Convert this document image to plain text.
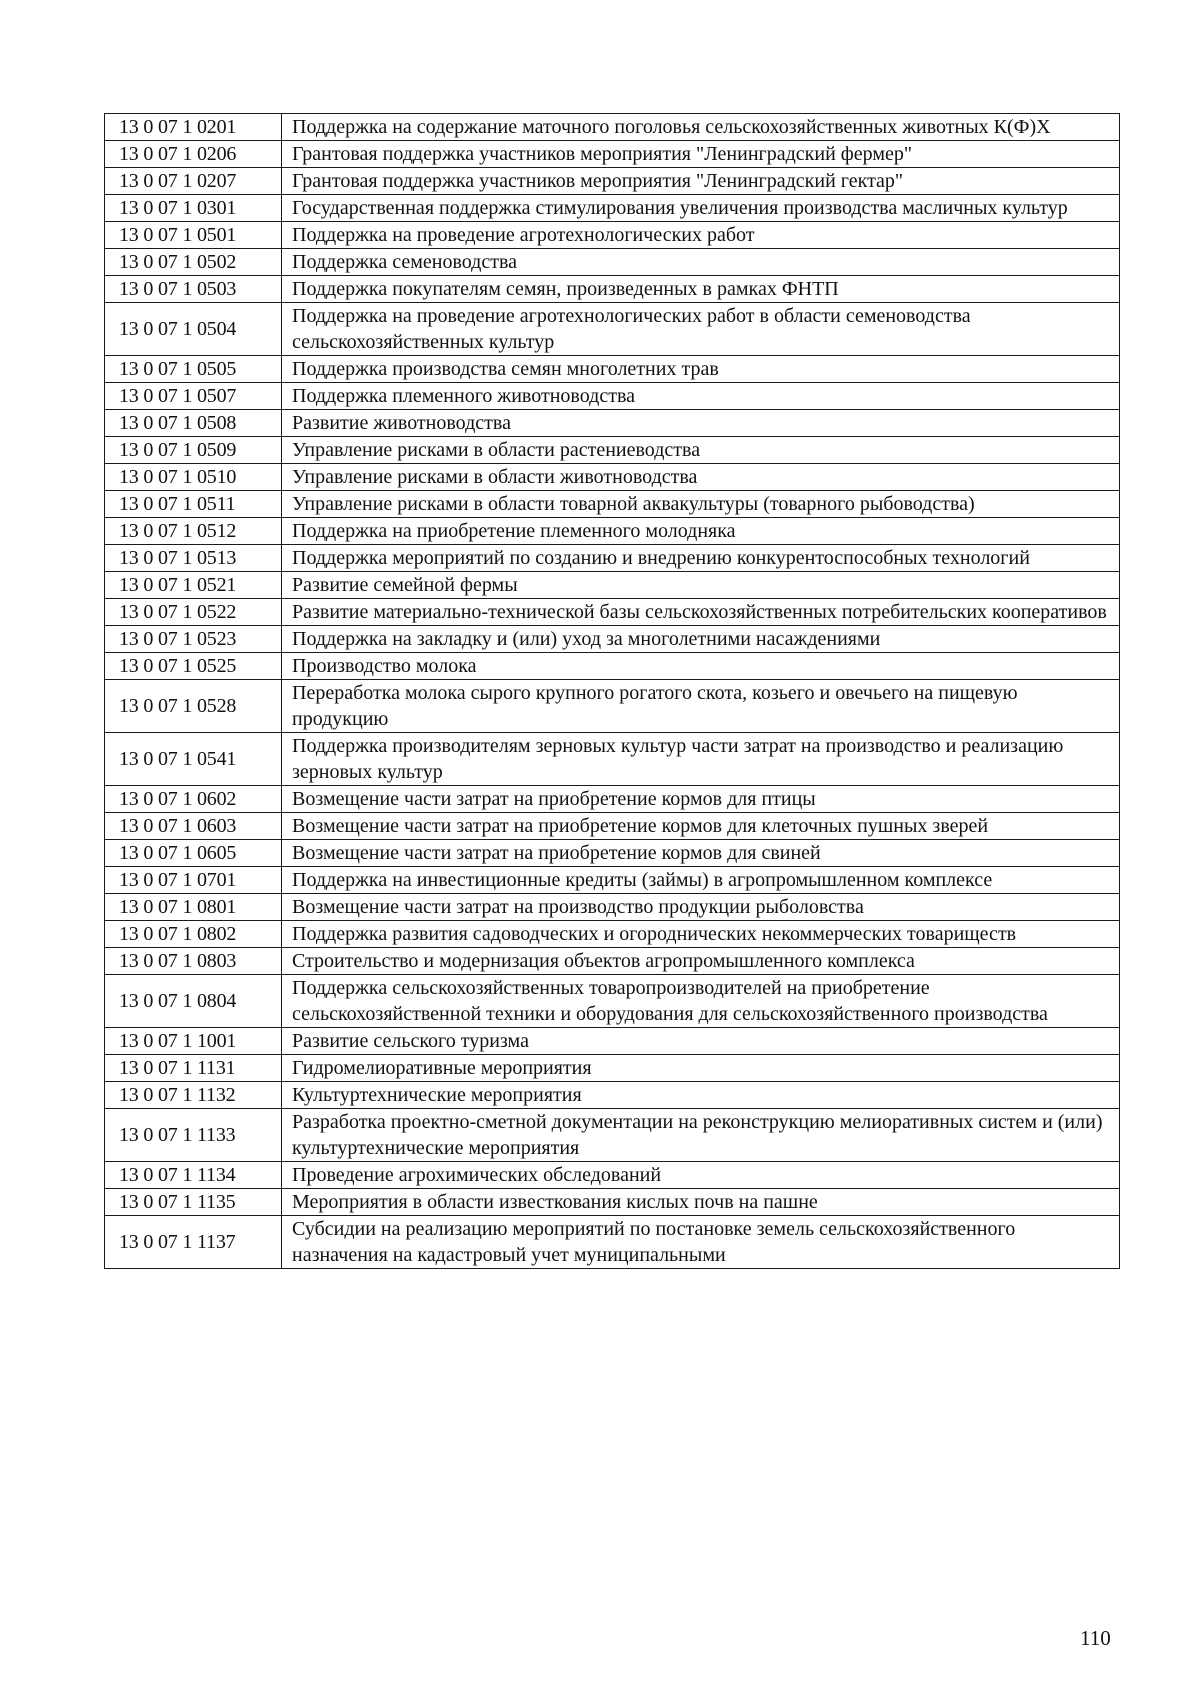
13 0 07 1 0201	Поддержка на содержание маточного поголовья сельскохозяйственных животных К(Ф)Х
13 0 07 1 0206	Грантовая поддержка участников мероприятия "Ленинградский фермер"
13 0 07 1 0207	Грантовая поддержка участников мероприятия "Ленинградский гектар"
13 0 07 1 0301	Государственная поддержка стимулирования увеличения производства масличных культур
13 0 07 1 0501	Поддержка на проведение агротехнологических работ
13 0 07 1 0502	Поддержка семеноводства
13 0 07 1 0503	Поддержка покупателям семян, произведенных в рамках ФНТП
13 0 07 1 0504	Поддержка на проведение агротехнологических работ в области семеноводства сельскохозяйственных культур
13 0 07 1 0505	Поддержка производства семян многолетних трав
13 0 07 1 0507	Поддержка племенного животноводства
13 0 07 1 0508	Развитие животноводства
13 0 07 1 0509	Управление рисками в области растениеводства
13 0 07 1 0510	Управление рисками в области животноводства
13 0 07 1 0511	Управление рисками в области товарной аквакультуры (товарного рыбоводства)
13 0 07 1 0512	Поддержка на приобретение племенного молодняка
13 0 07 1 0513	Поддержка мероприятий по созданию и внедрению конкурентоспособных технологий
13 0 07 1 0521	Развитие семейной фермы
13 0 07 1 0522	Развитие материально-технической базы сельскохозяйственных потребительских кооперативов
13 0 07 1 0523	Поддержка на закладку и (или) уход за многолетними насаждениями
13 0 07 1 0525	Производство молока
13 0 07 1 0528	Переработка молока сырого крупного рогатого скота, козьего и овечьего на пищевую продукцию
13 0 07 1 0541	Поддержка производителям зерновых культур части затрат на производство и реализацию зерновых культур
13 0 07 1 0602	Возмещение части затрат на приобретение кормов для птицы
13 0 07 1 0603	Возмещение части затрат на приобретение кормов для клеточных пушных зверей
13 0 07 1 0605	Возмещение части затрат на приобретение кормов для свиней
13 0 07 1 0701	Поддержка на инвестиционные кредиты (займы) в агропромышленном комплексе
13 0 07 1 0801	Возмещение части затрат на производство продукции рыболовства
13 0 07 1 0802	Поддержка развития садоводческих и огороднических некоммерческих товариществ
13 0 07 1 0803	Строительство и модернизация объектов агропромышленного комплекса
13 0 07 1 0804	Поддержка сельскохозяйственных товаропроизводителей на приобретение сельскохозяйственной техники и оборудования для сельскохозяйственного производства
13 0 07 1 1001	Развитие сельского туризма
13 0 07 1 1131	Гидромелиоративные мероприятия
13 0 07 1 1132	Культуртехнические мероприятия
13 0 07 1 1133	Разработка проектно-сметной документации на реконструкцию мелиоративных систем и (или) культуртехнические мероприятия
13 0 07 1 1134	Проведение агрохимических обследований
13 0 07 1 1135	Мероприятия в области известкования кислых почв на пашне
13 0 07 1 1137	Субсидии на реализацию мероприятий по постановке земель сельскохозяйственного назначения на кадастровый учет муниципальными
110
